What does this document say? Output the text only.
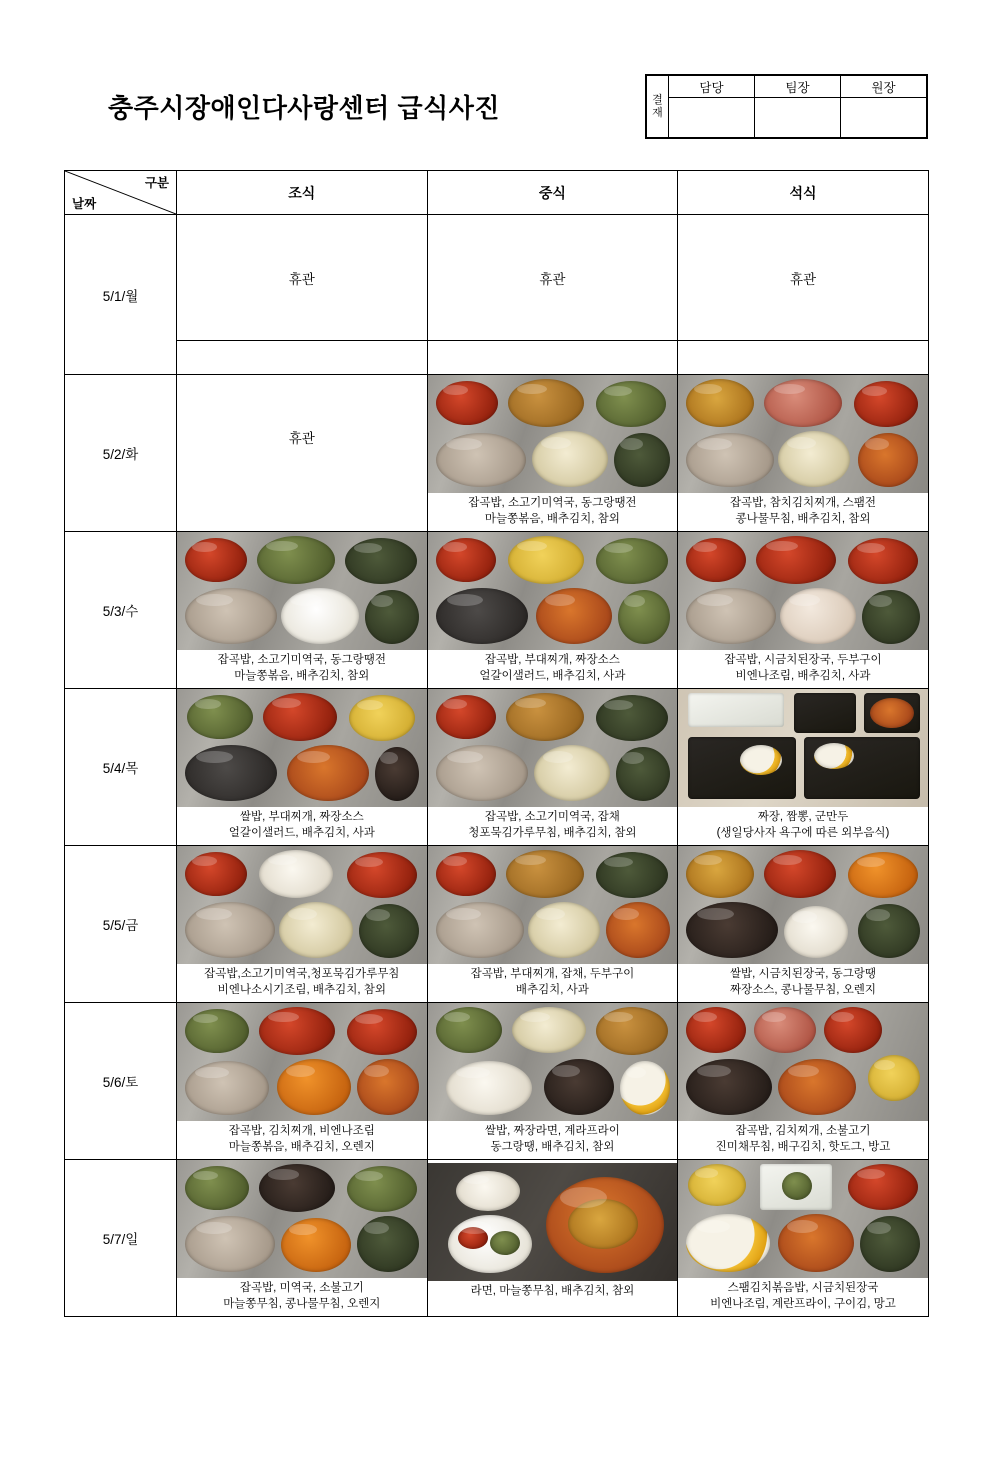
충주시장애인다사랑센터 급식사진	결재	담당	팀장	원장

구분
날짜	조식	중식	석식
5/1/월	휴관	휴관	휴관

5/2/화	휴관	잡곡밥, 소고기미역국, 동그랑땡전
마늘쫑볶음, 배추김치, 참외	잡곡밥, 참치김치찌개, 스팸전
콩나물무침, 배추김치, 참외

5/3/수	잡곡밥, 소고기미역국, 동그랑땡전
마늘쫑볶음, 배추김치, 참외	잡곡밥, 부대찌개, 짜장소스
얼갈이샐러드, 배추김치, 사과	잡곡밥, 시금치된장국, 두부구이
비엔나조림, 배추김치, 사과

5/4/목	쌀밥, 부대찌개, 짜장소스
얼갈이샐러드, 배추김치, 사과	잡곡밥, 소고기미역국, 잡채
청포묵김가루무침, 배추김치, 참외	짜장, 짬뽕, 군만두
(생일당사자 욕구에 따른 외부음식)

5/5/금	잡곡밥,소고기미역국,청포묵김가루무침
비엔나소시기조림, 배추김치, 참외	잡곡밥, 부대찌개, 잡채, 두부구이
배추김치, 사과	쌀밥, 시금치된장국, 동그랑땡
짜장소스, 콩나물무침, 오렌지

5/6/토	잡곡밥, 김치찌개, 비엔나조림
마늘쫑볶음, 배추김치, 오렌지	쌀밥, 짜장라면, 계라프라이
동그랑땡, 배추김치, 참외	잡곡밥, 김치찌개, 소불고기
진미채무침, 배구김치, 핫도그, 방고

5/7/일	잡곡밥, 미역국, 소불고기
마늘쫑무침, 콩나물무침, 오렌지	라면, 마늘쫑무침, 배추김치, 참외	스팸김치볶음밥, 시금치된장국
비엔나조림, 계란프라이, 구이김, 망고
